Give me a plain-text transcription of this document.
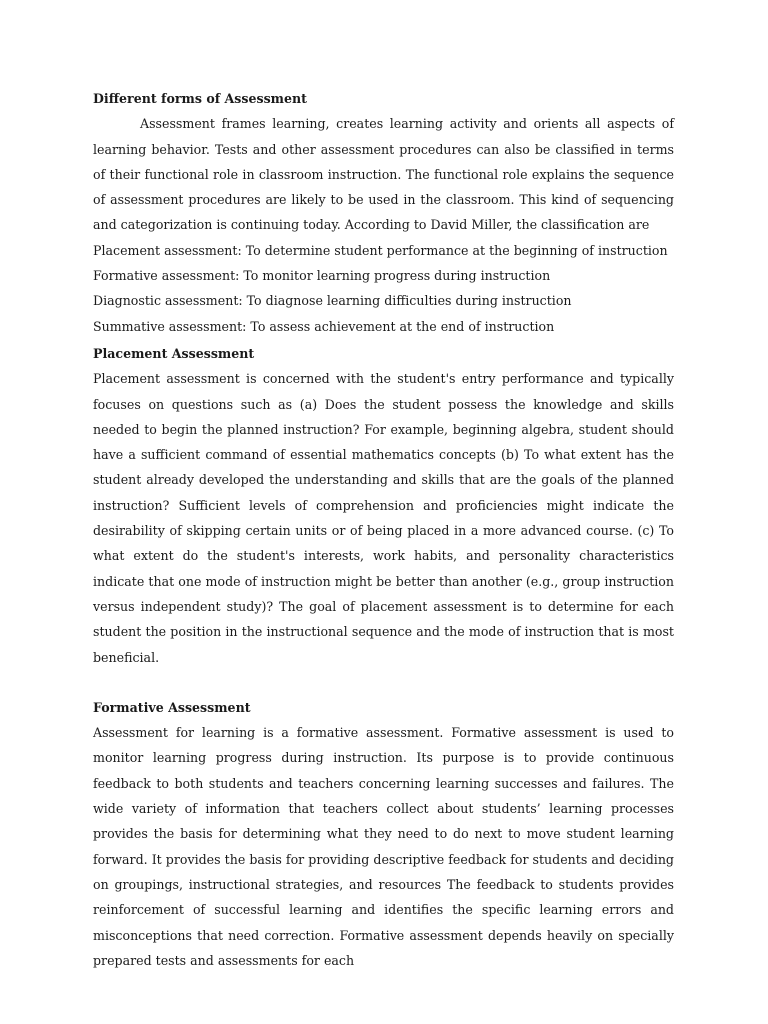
Different forms of Assessment

Assessment frames learning, creates learning activity and orients all aspects of learning behavior. Tests and other assessment procedures can also be classified in terms of their functional role in classroom instruction. The functional role explains the sequence of assessment procedures are likely to be used in the classroom. This kind of sequencing and categorization is continuing today. According to David Miller, the classification are

Placement assessment: To determine student performance at the beginning of instruction

Formative assessment: To monitor learning progress during instruction

Diagnostic assessment: To diagnose learning difficulties during instruction

Summative assessment: To assess achievement at the end of instruction

Placement Assessment

Placement assessment is concerned with the student's entry performance and typically focuses on questions such as (a) Does the student possess the knowledge and skills needed to begin the planned instruction? For example, beginning algebra, student should have a sufficient command of essential mathematics concepts (b) To what extent has the student already developed the understanding and skills that are the goals of the planned instruction? Sufficient levels of comprehension and proficiencies might indicate the desirability of skipping certain units or of being placed in a more advanced course. (c) To what extent do the student's interests, work habits, and personality characteristics indicate that one mode of instruction might be better than another (e.g., group instruction versus independent study)? The goal of placement assessment is to determine for each student the position in the instructional sequence and the mode of instruction that is most beneficial.

Formative Assessment

Assessment for learning is a formative assessment. Formative assessment is used to monitor learning progress during instruction. Its purpose is to provide continuous feedback to both students and teachers concerning learning successes and failures. The wide variety of information that teachers collect about students’ learning processes provides the basis for determining what they need to do next to move student learning forward. It provides the basis for providing descriptive feedback for students and deciding on groupings, instructional strategies, and resources The feedback to students provides reinforcement of successful learning and identifies the specific learning errors and misconceptions that need correction. Formative assessment depends heavily on specially prepared tests and assessments for each
